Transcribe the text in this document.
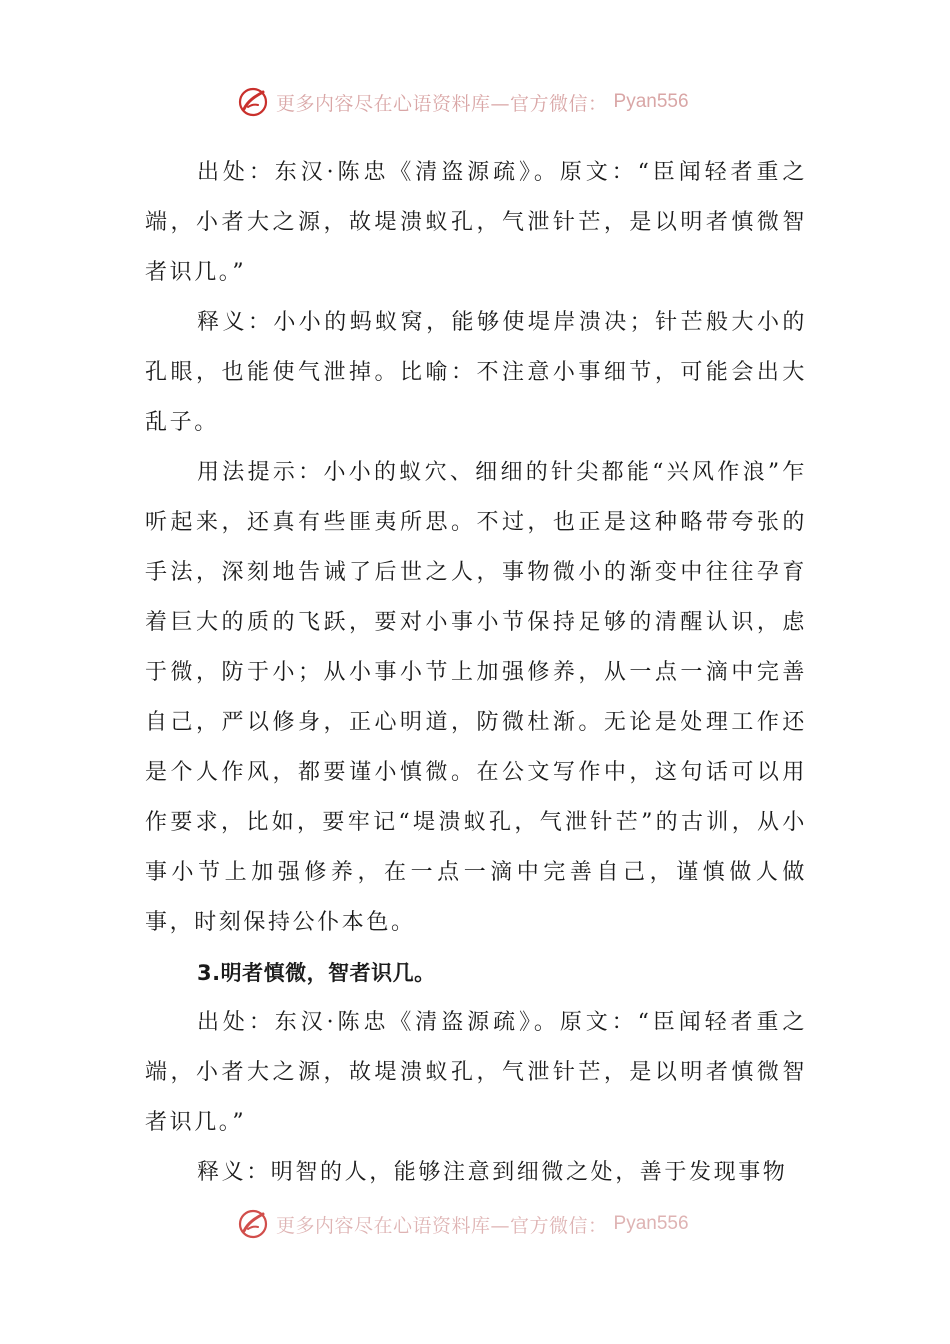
更多内容尽在心语资料库—官方微信： Pyan556

出处：东汉·陈忠《清盗源疏》。原文：“臣闻轻者重之端，小者大之源，故堤溃蚁孔，气泄针芒，是以明者慎微智者识几。”

释义：小小的蚂蚁窝，能够使堤岸溃决；针芒般大小的孔眼，也能使气泄掉。比喻：不注意小事细节，可能会出大乱子。

用法提示：小小的蚁穴、细细的针尖都能“兴风作浪”乍听起来，还真有些匪夷所思。不过，也正是这种略带夸张的手法，深刻地告诫了后世之人，事物微小的渐变中往往孕育着巨大的质的飞跃，要对小事小节保持足够的清醒认识，虑于微，防于小；从小事小节上加强修养，从一点一滴中完善自己，严以修身，正心明道，防微杜渐。无论是处理工作还是个人作风，都要谨小慎微。在公文写作中，这句话可以用作要求，比如，要牢记“堤溃蚁孔，气泄针芒”的古训，从小事小节上加强修养，在一点一滴中完善自己，谨慎做人做事，时刻保持公仆本色。

3.明者慎微，智者识几。

出处：东汉·陈忠《清盗源疏》。原文：“臣闻轻者重之端，小者大之源，故堤溃蚁孔，气泄针芒，是以明者慎微智者识几。”

释义：明智的人，能够注意到细微之处，善于发现事物

更多内容尽在心语资料库—官方微信： Pyan556
